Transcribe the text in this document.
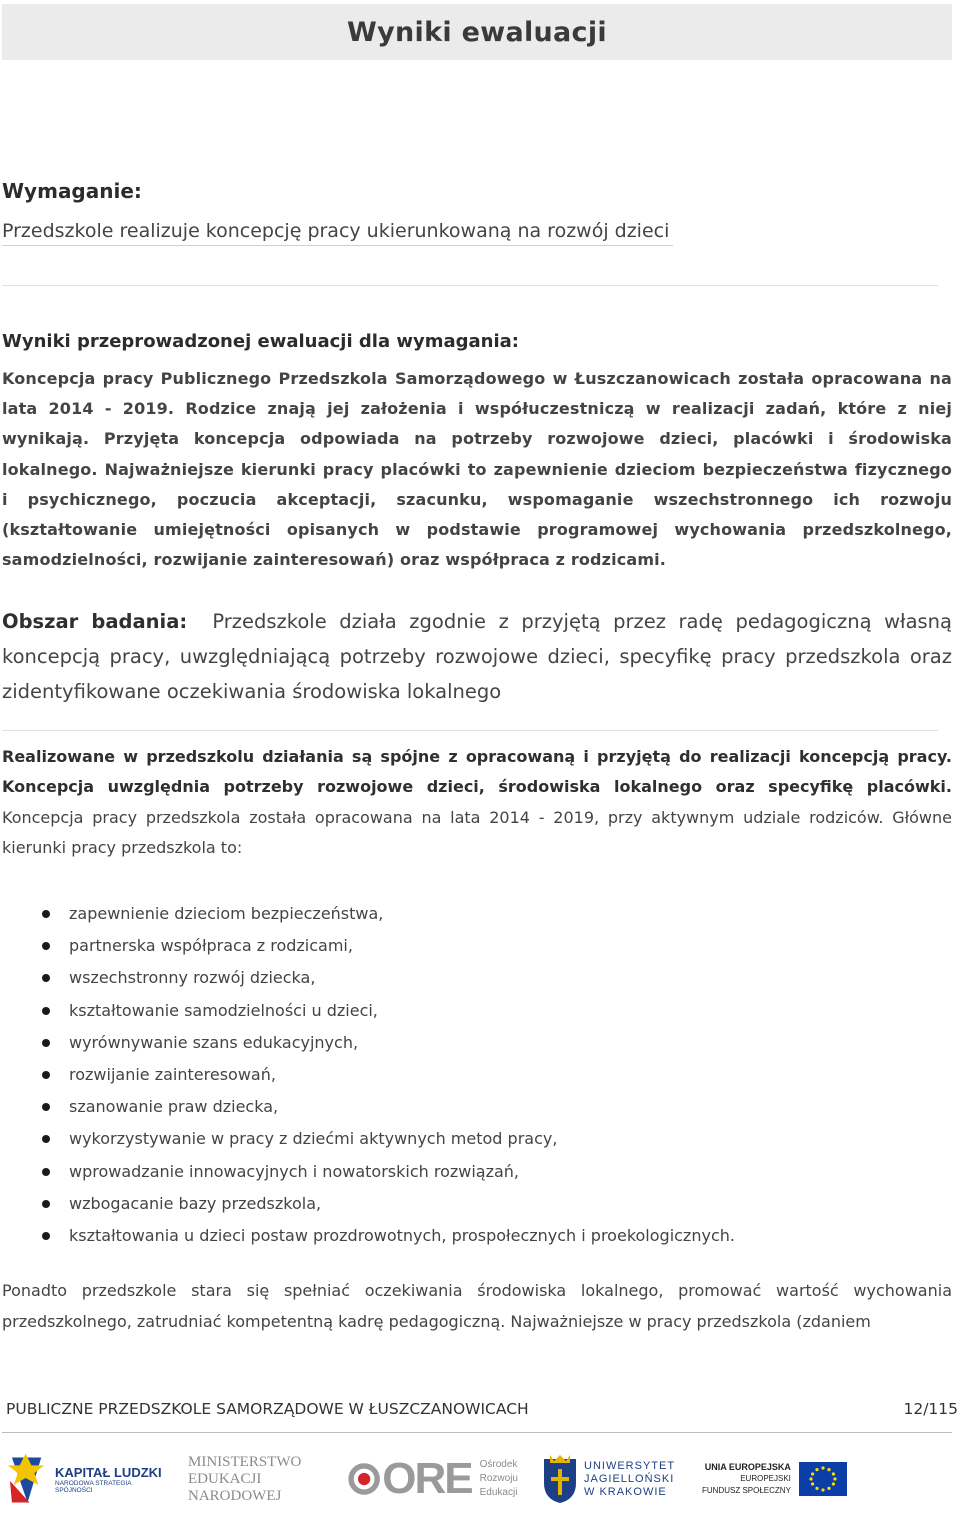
Wyniki ewaluacji
Wymaganie:
Przedszkole realizuje koncepcję pracy ukierunkowaną na rozwój dzieci
Wyniki przeprowadzonej ewaluacji dla wymagania:
Koncepcja pracy Publicznego Przedszkola Samorządowego w Łuszczanowicach została opracowana na lata 2014 - 2019. Rodzice znają jej założenia i współuczestniczą w realizacji zadań, które z niej wynikają. Przyjęta koncepcja odpowiada na potrzeby rozwojowe dzieci, placówki i środowiska lokalnego. Najważniejsze kierunki pracy placówki to zapewnienie dzieciom bezpieczeństwa fizycznego i psychicznego, poczucia akceptacji, szacunku, wspomaganie wszechstronnego ich rozwoju (kształtowanie umiejętności opisanych w podstawie programowej wychowania przedszkolnego, samodzielności, rozwijanie zainteresowań) oraz współpraca z rodzicami.
Obszar badania: Przedszkole działa zgodnie z przyjętą przez radę pedagogiczną własną koncepcją pracy, uwzględniającą potrzeby rozwojowe dzieci, specyfikę pracy przedszkola oraz zidentyfikowane oczekiwania środowiska lokalnego
Realizowane w przedszkolu działania są spójne z opracowaną i przyjętą do realizacji koncepcją pracy. Koncepcja uwzględnia potrzeby rozwojowe dzieci, środowiska lokalnego oraz specyfikę placówki. Koncepcja pracy przedszkola została opracowana na lata 2014 - 2019, przy aktywnym udziale rodziców. Główne kierunki pracy przedszkola to:
zapewnienie dzieciom bezpieczeństwa,
partnerska współpraca z rodzicami,
wszechstronny rozwój dziecka,
kształtowanie samodzielności u dzieci,
wyrównywanie szans edukacyjnych,
rozwijanie zainteresowań,
szanowanie praw dziecka,
wykorzystywanie w pracy z dziećmi aktywnych metod pracy,
wprowadzanie innowacyjnych i nowatorskich rozwiązań,
wzbogacanie bazy przedszkola,
kształtowania u dzieci postaw prozdrowotnych, prospołecznych i proekologicznych.
Ponadto przedszkole stara się spełniać oczekiwania środowiska lokalnego, promować wartość wychowania przedszkolnego, zatrudniać kompetentną kadrę pedagogiczną. Najważniejsze w pracy przedszkola (zdaniem
PUBLICZNE PRZEDSZKOLE SAMORZĄDOWE W ŁUSZCZANOWICACH	12/115
KAPITAŁ LUDZKI
NARODOWA STRATEGIA SPÓJNOŚCI
MINISTERSTWO
EDUKACJI
NARODOWEJ	ORE Ośrodek
Rozwoju
Edukacji
UNIWERSYTET
JAGIELLOŃSKI
W KRAKOWIE
UNIA EUROPEJSKA
EUROPEJSKI
FUNDUSZ SPOŁECZNY
